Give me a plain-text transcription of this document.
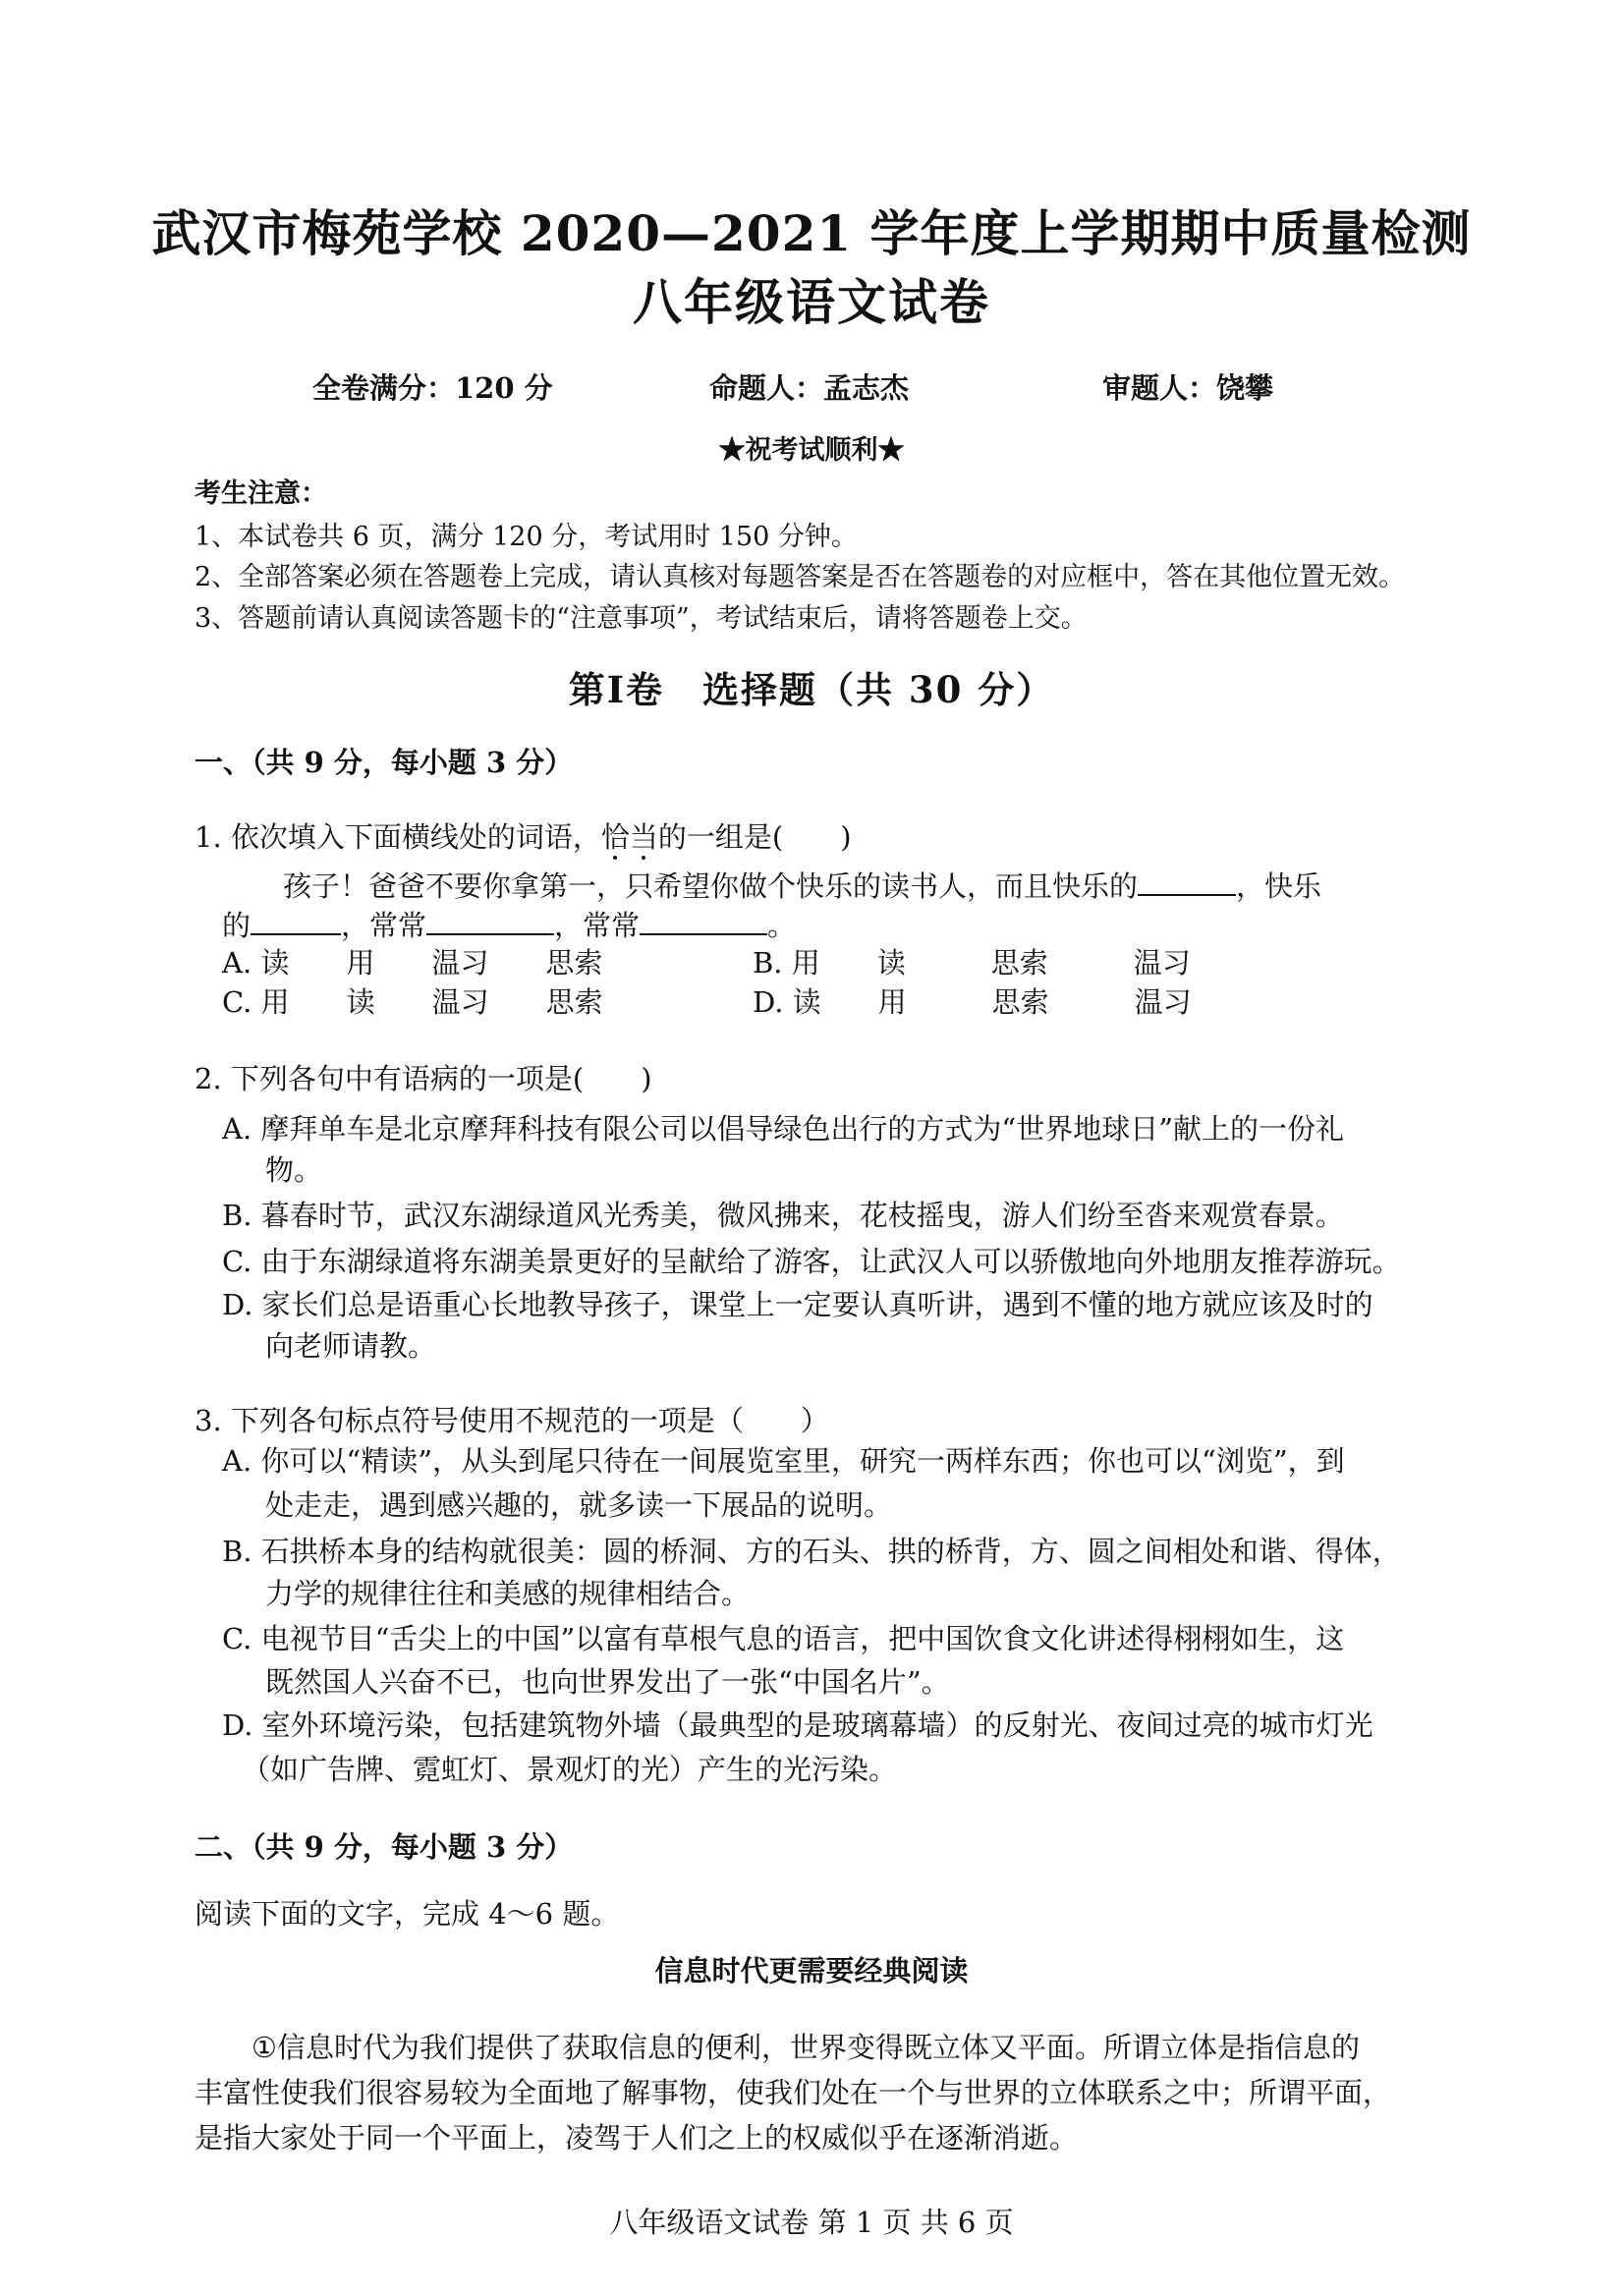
武汉市梅苑学校 2020—2021 学年度上学期期中质量检测
八年级语文试卷
全卷满分：120 分	命题人：孟志杰	审题人：饶攀
★祝考试顺利★
考生注意：
1、本试卷共 6 页，满分 120 分，考试用时 150 分钟。
2、全部答案必须在答题卷上完成，请认真核对每题答案是否在答题卷的对应框中，答在其他位置无效。
3、答题前请认真阅读答题卡的“注意事项”，考试结束后，请将答题卷上交。
第Ⅰ卷　选择题（共 30 分）
一、（共 9 分，每小题 3 分）
1. 依次填入下面横线处的词语，恰当的一组是(　　)
孩子！爸爸不要你拿第一，只希望你做个快乐的读书人，而且快乐的	，快乐
的	，常常	，常常	。
A. 读　　用　　温习　　思索	B. 用　　读　　　思索　　　温习
C. 用　　读　　温习　　思索	D. 读　　用　　　思索　　　温习
2. 下列各句中有语病的一项是(　　)
A. 摩拜单车是北京摩拜科技有限公司以倡导绿色出行的方式为“世界地球日”献上的一份礼
物。
B. 暮春时节，武汉东湖绿道风光秀美，微风拂来，花枝摇曳，游人们纷至沓来观赏春景。
C. 由于东湖绿道将东湖美景更好的呈献给了游客，让武汉人可以骄傲地向外地朋友推荐游玩。
D. 家长们总是语重心长地教导孩子，课堂上一定要认真听讲，遇到不懂的地方就应该及时的
向老师请教。
3. 下列各句标点符号使用不规范的一项是（　　）
A. 你可以“精读”，从头到尾只待在一间展览室里，研究一两样东西；你也可以“浏览”，到
处走走，遇到感兴趣的，就多读一下展品的说明。
B. 石拱桥本身的结构就很美：圆的桥洞、方的石头、拱的桥背，方、圆之间相处和谐、得体，
力学的规律往往和美感的规律相结合。
C. 电视节目“舌尖上的中国”以富有草根气息的语言，把中国饮食文化讲述得栩栩如生，这
既然国人兴奋不已，也向世界发出了一张“中国名片”。
D. 室外环境污染，包括建筑物外墙（最典型的是玻璃幕墙）的反射光、夜间过亮的城市灯光
（如广告牌、霓虹灯、景观灯的光）产生的光污染。
二、（共 9 分，每小题 3 分）
阅读下面的文字，完成 4～6 题。
信息时代更需要经典阅读
①信息时代为我们提供了获取信息的便利，世界变得既立体又平面。所谓立体是指信息的
丰富性使我们很容易较为全面地了解事物，使我们处在一个与世界的立体联系之中；所谓平面，
是指大家处于同一个平面上，凌驾于人们之上的权威似乎在逐渐消逝。
八年级语文试卷 第 1 页 共 6 页
